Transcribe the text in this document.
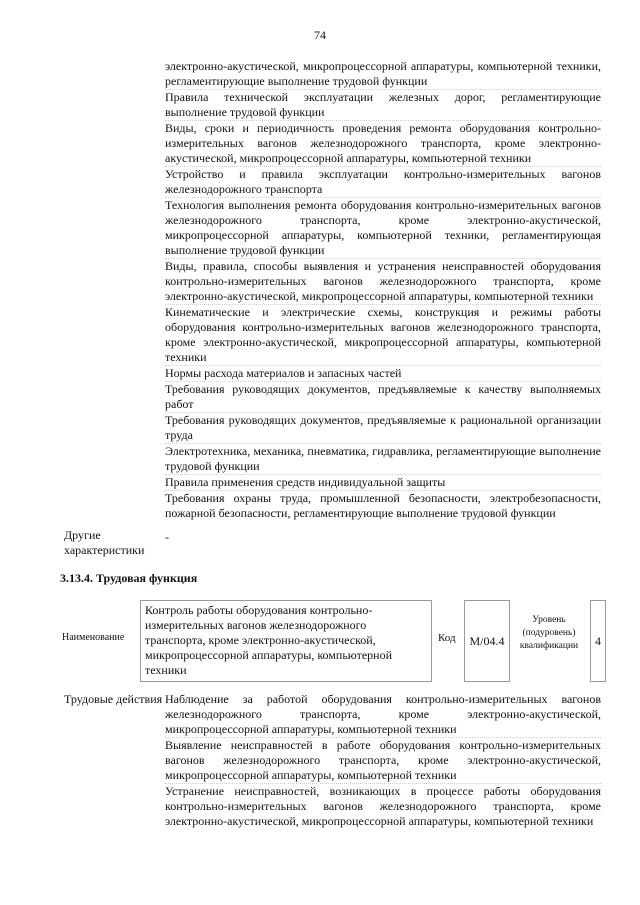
74

электронно-акустической, микропроцессорной аппаратуры, компьютерной техники, регламентирующие выполнение трудовой функции

Правила технической эксплуатации железных дорог, регламентирующие выполнение трудовой функции

Виды, сроки и периодичность проведения ремонта оборудования контрольно-измерительных вагонов железнодорожного транспорта, кроме электронно-акустической, микропроцессорной аппаратуры, компьютерной техники

Устройство и правила эксплуатации контрольно-измерительных вагонов железнодорожного транспорта

Технология выполнения ремонта оборудования контрольно-измерительных вагонов железнодорожного транспорта, кроме электронно-акустической, микропроцессорной аппаратуры, компьютерной техники, регламентирующая выполнение трудовой функции

Виды, правила, способы выявления и устранения неисправностей оборудования контрольно-измерительных вагонов железнодорожного транспорта, кроме электронно-акустической, микропроцессорной аппаратуры, компьютерной техники

Кинематические и электрические схемы, конструкция и режимы работы оборудования контрольно-измерительных вагонов железнодорожного транспорта, кроме электронно-акустической, микропроцессорной аппаратуры, компьютерной техники

Нормы расхода материалов и запасных частей

Требования руководящих документов, предъявляемые к качеству выполняемых работ

Требования руководящих документов, предъявляемые к рациональной организации труда

Электротехника, механика, пневматика, гидравлика, регламентирующие выполнение трудовой функции

Правила применения средств индивидуальной защиты

Требования охраны труда, промышленной безопасности, электробезопасности, пожарной безопасности, регламентирующие выполнение трудовой функции

Другие характеристики
-
3.13.4. Трудовая функция
Наименование
Контроль работы оборудования контрольно-измерительных вагонов железнодорожного транспорта, кроме электронно-акустической, микропроцессорной аппаратуры, компьютерной техники
Код M/04.4
Уровень (подуровень) квалификации	4
Трудовые действия Наблюдение за работой оборудования контрольно-измерительных вагонов железнодорожного транспорта, кроме электронно-акустической, микропроцессорной аппаратуры, компьютерной техники

Выявление неисправностей в работе оборудования контрольно-измерительных вагонов железнодорожного транспорта, кроме электронно-акустической, микропроцессорной аппаратуры, компьютерной техники

Устранение неисправностей, возникающих в процессе работы оборудования контрольно-измерительных вагонов железнодорожного транспорта, кроме электронно-акустической, микропроцессорной аппаратуры, компьютерной техники
